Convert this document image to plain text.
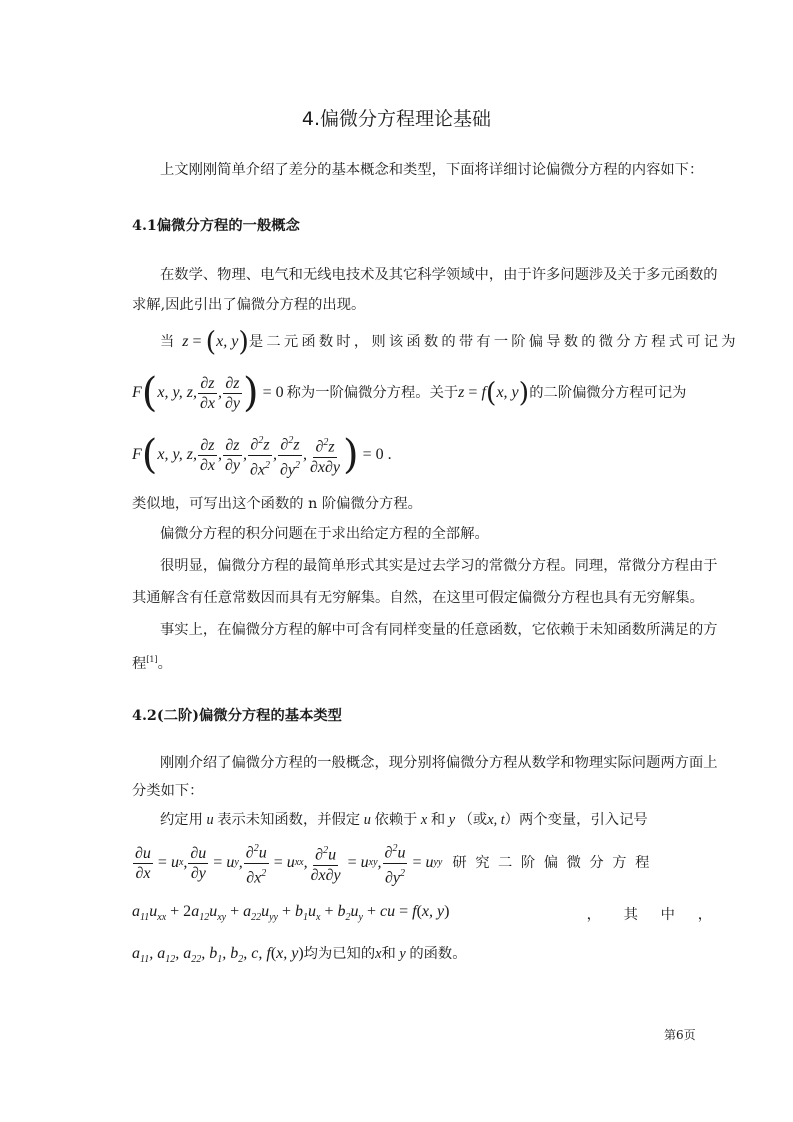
4.偏微分方程理论基础
上文刚刚简单介绍了差分的基本概念和类型，下面将详细讨论偏微分方程的内容如下：
4.1偏微分方程的一般概念
在数学、物理、电气和无线电技术及其它科学领域中，由于许多问题涉及关于多元函数的
求解,因此引出了偏微分方程的出现。
当 z = (x, y) 是二元函数时，则该函数的带有一阶偏导数的微分方程式可记为
F ( x, y, z, $\frac{\partial z}{\partial x}$ , $\frac{\partial z}{\partial y}$ )
= 0 称为一阶偏微分方程。关于 z = f(x, y) 的二阶偏微分方程可记为
F ( x, y, z, $\frac{\partial z}{\partial x}$ , $\frac{\partial z}{\partial y}$ , $\frac{\partial^2z}{\partial x^2}$ , $\frac{\partial^2z}{\partial y^2}$ , $\frac{\partial^2z}{\partial x\partial y}$ )
=
0 .
类似地，可写出这个函数的 n 阶偏微分方程。
偏微分方程的积分问题在于求出给定方程的全部解。
很明显，偏微分方程的最简单形式其实是过去学习的常微分方程。同理，常微分方程由于
其通解含有任意常数因而具有无穷解集。自然，在这里可假定偏微分方程也具有无穷解集。
事实上，在偏微分方程的解中可含有同样变量的任意函数，它依赖于未知函数所满足的方
程[1]。
4.2(二阶)偏微分方程的基本类型
刚刚介绍了偏微分方程的一般概念，现分别将偏微分方程从数学和物理实际问题两方面上
分类如下：
约定用 u 表示未知函数，并假定 u 依赖于 x 和 y （或x, t）两个变量，引入记号
$\frac{\partial u}{\partial x} = u$ x , $\frac{\partial u}{\partial y} = u$ y , $\frac{\partial^2u}{\partial x^2} = u$ xx , $\frac{\partial^2u}{\partial x\partial y} = u$ xy , $\frac{\partial^2u}{\partial y^2} = u$ yy 研 究 二 阶 偏 微 分 方 程
$a_{11}u_{xx} + 2a_{12}u_{xy} + a_{22}u_{yy} + b_1u_x + b_2u_y$ + cu = f(x, y)	，     其     中     ，
$a_{11}$, $a_{12}$, $a_{22}$, $b_1$, $b_2$, c, f(x, y)均为已知的x和 y 的函数。
第6页
